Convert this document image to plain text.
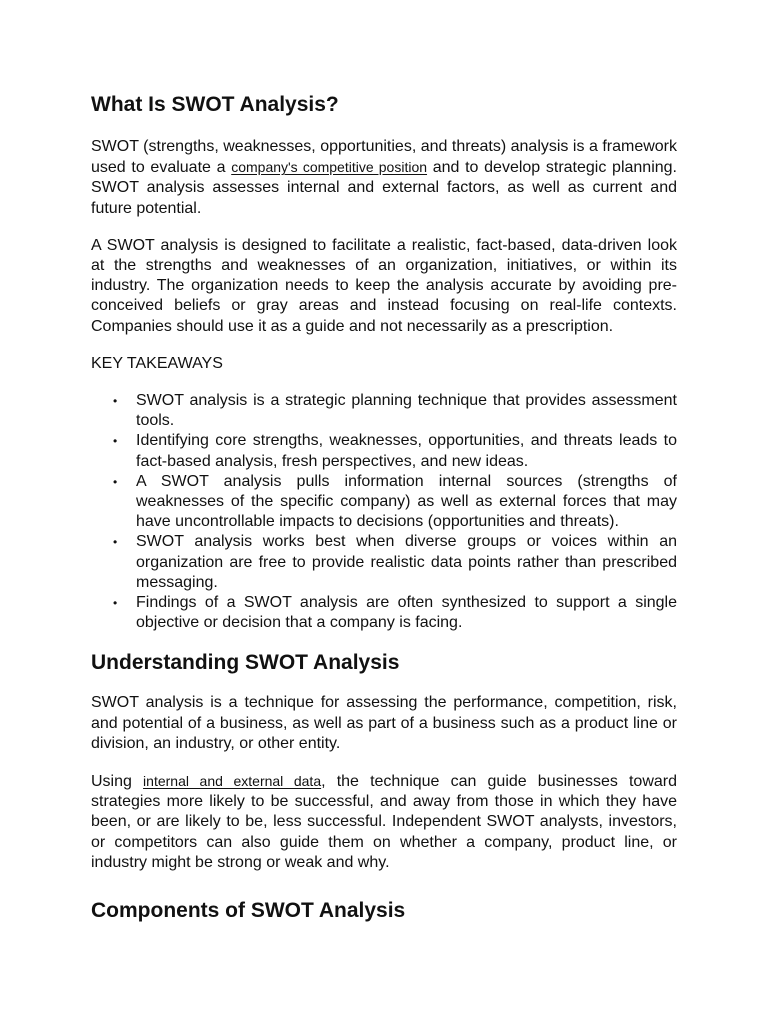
What Is SWOT Analysis?

SWOT (strengths, weaknesses, opportunities, and threats) analysis is a framework used to evaluate a company's competitive position and to develop strategic planning. SWOT analysis assesses internal and external factors, as well as current and future potential.

A SWOT analysis is designed to facilitate a realistic, fact-based, data-driven look at the strengths and weaknesses of an organization, initiatives, or within its industry. The organization needs to keep the analysis accurate by avoiding pre-conceived beliefs or gray areas and instead focusing on real-life contexts. Companies should use it as a guide and not necessarily as a prescription.

KEY TAKEAWAYS

• SWOT analysis is a strategic planning technique that provides assessment tools.
• Identifying core strengths, weaknesses, opportunities, and threats leads to fact-based analysis, fresh perspectives, and new ideas.
• A SWOT analysis pulls information internal sources (strengths of weaknesses of the specific company) as well as external forces that may have uncontrollable impacts to decisions (opportunities and threats).
• SWOT analysis works best when diverse groups or voices within an organization are free to provide realistic data points rather than prescribed messaging.
• Findings of a SWOT analysis are often synthesized to support a single objective or decision that a company is facing.
Understanding SWOT Analysis

SWOT analysis is a technique for assessing the performance, competition, risk, and potential of a business, as well as part of a business such as a product line or division, an industry, or other entity.

Using internal and external data, the technique can guide businesses toward strategies more likely to be successful, and away from those in which they have been, or are likely to be, less successful. Independent SWOT analysts, investors, or competitors can also guide them on whether a company, product line, or industry might be strong or weak and why.

Components of SWOT Analysis
